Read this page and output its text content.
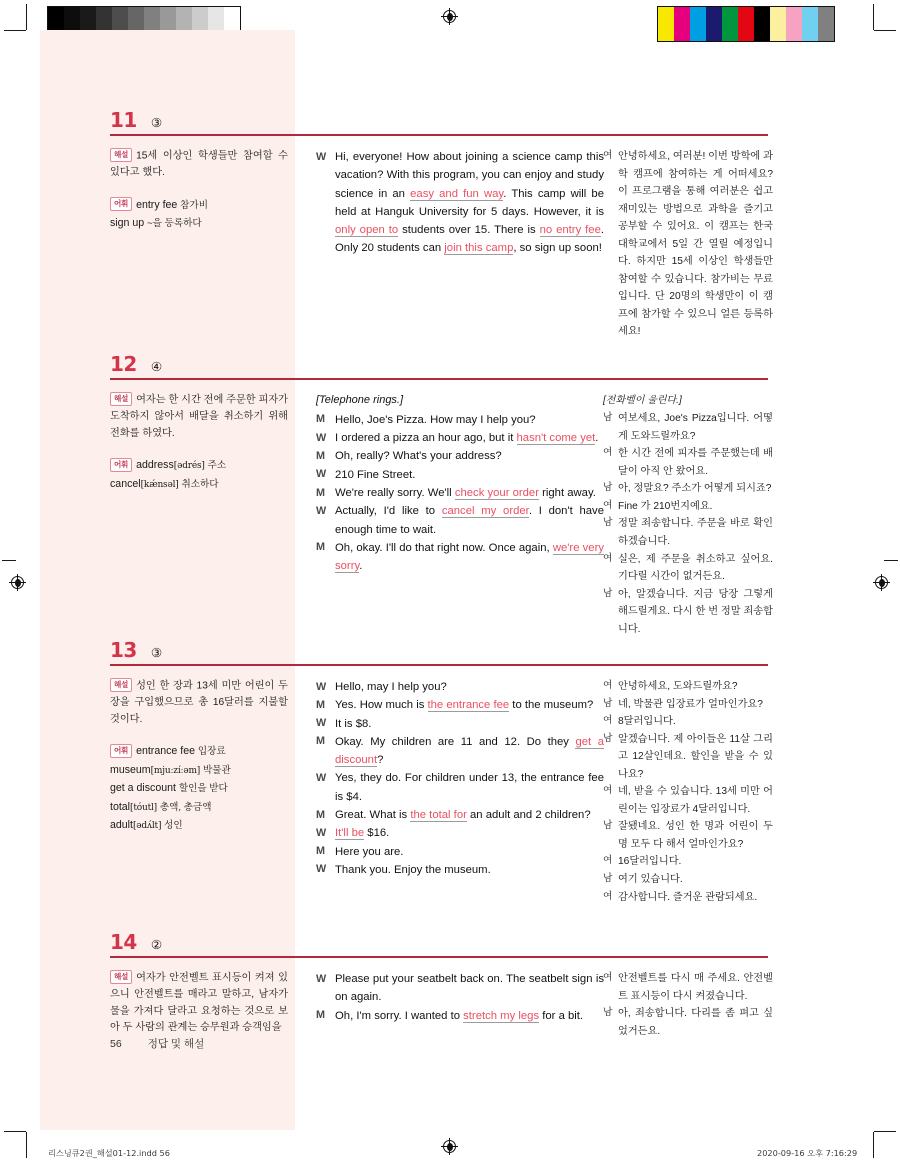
11 ③
해설 15세 이상인 학생들만 참여할 수 있다고 했다.
어휘 entry fee 참가비
sign up ~을 등록하다
W Hi, everyone! How about joining a science camp this vacation? With this program, you can enjoy and study science in an easy and fun way. This camp will be held at Hanguk University for 5 days. However, it is only open to students over 15. There is no entry fee. Only 20 students can join this camp, so sign up soon!
여 안녕하세요, 여러분! 이번 방학에 과학 캠프에 참여하는 게 어떠세요? 이 프로그램을 통해 여러분은 쉽고 재미있는 방법으로 과학을 즐기고 공부할 수 있어요. 이 캠프는 한국 대학교에서 5일 간 열릴 예정입니다. 하지만 15세 이상인 학생들만 참여할 수 있습니다. 참가비는 무료입니다. 단 20명의 학생만이 이 캠프에 참가할 수 있으니 얼른 등록하세요!
12 ④
해설 여자는 한 시간 전에 주문한 피자가 도착하지 않아서 배달을 취소하기 위해 전화를 하였다.
어휘 address[ədrés] 주소
cancel[kǽnsəl] 취소하다
[Telephone rings.]
M Hello, Joe's Pizza. How may I help you?
W I ordered a pizza an hour ago, but it hasn't come yet.
M Oh, really? What's your address?
W 210 Fine Street.
M We're really sorry. We'll check your order right away.
W Actually, I'd like to cancel my order. I don't have enough time to wait.
M Oh, okay. I'll do that right now. Once again, we're very sorry.
[전화벨이 울린다.]
남 여보세요, Joe's Pizza입니다. 어떻게 도와드릴까요?
여 한 시간 전에 피자를 주문했는데 배달이 아직 안 왔어요.
남 아, 정말요? 주소가 어떻게 되시죠?
여 Fine 가 210번지예요.
남 정말 죄송합니다. 주문을 바로 확인하겠습니다.
여 실은, 제 주문을 취소하고 싶어요. 기다릴 시간이 없거든요.
남 아, 알겠습니다. 지금 당장 그렇게 해드릴게요. 다시 한 번 정말 죄송합니다.
13 ③
해설 성인 한 장과 13세 미만 어린이 두 장을 구입했으므로 총 16달러를 지불할 것이다.
어휘 entrance fee 입장료
museum[mjuːzíːəm] 박물관
get a discount 할인을 받다
total[tóutl] 총액, 총금액
adult[ədʌ́lt] 성인
W Hello, may I help you?
M Yes. How much is the entrance fee to the museum?
W It is $8.
M Okay. My children are 11 and 12. Do they get a discount?
W Yes, they do. For children under 13, the entrance fee is $4.
M Great. What is the total for an adult and 2 children?
W It'll be $16.
M Here you are.
W Thank you. Enjoy the museum.
여 안녕하세요, 도와드릴까요?
남 네, 박물관 입장료가 얼마인가요?
여 8달러입니다.
남 알겠습니다. 제 아이들은 11살 그리고 12살인데요. 할인을 받을 수 있나요?
여 네, 받을 수 있습니다. 13세 미만 어린이는 입장료가 4달러입니다.
남 잘됐네요. 성인 한 명과 어린이 두 명 모두 다 해서 얼마인가요?
여 16달러입니다.
남 여기 있습니다.
여 감사합니다. 즐거운 관람되세요.
14 ②
해설 여자가 안전벨트 표시등이 켜져 있으니 안전벨트를 매라고 말하고, 남자가 물을 가져다 달라고 요청하는 것으로 보아 두 사람의 관계는 승무원과 승객임을
W Please put your seatbelt back on. The seatbelt sign is on again.
M Oh, I'm sorry. I wanted to stretch my legs for a bit.
여 안전벨트를 다시 매 주세요. 안전벨트 표시등이 다시 켜졌습니다.
남 아, 죄송합니다. 다리를 좀 펴고 싶었거든요.
56 정답 및 해설
리스닝큐2권_해설01-12.indd 56	2020-09-16 오후 7:16:29
